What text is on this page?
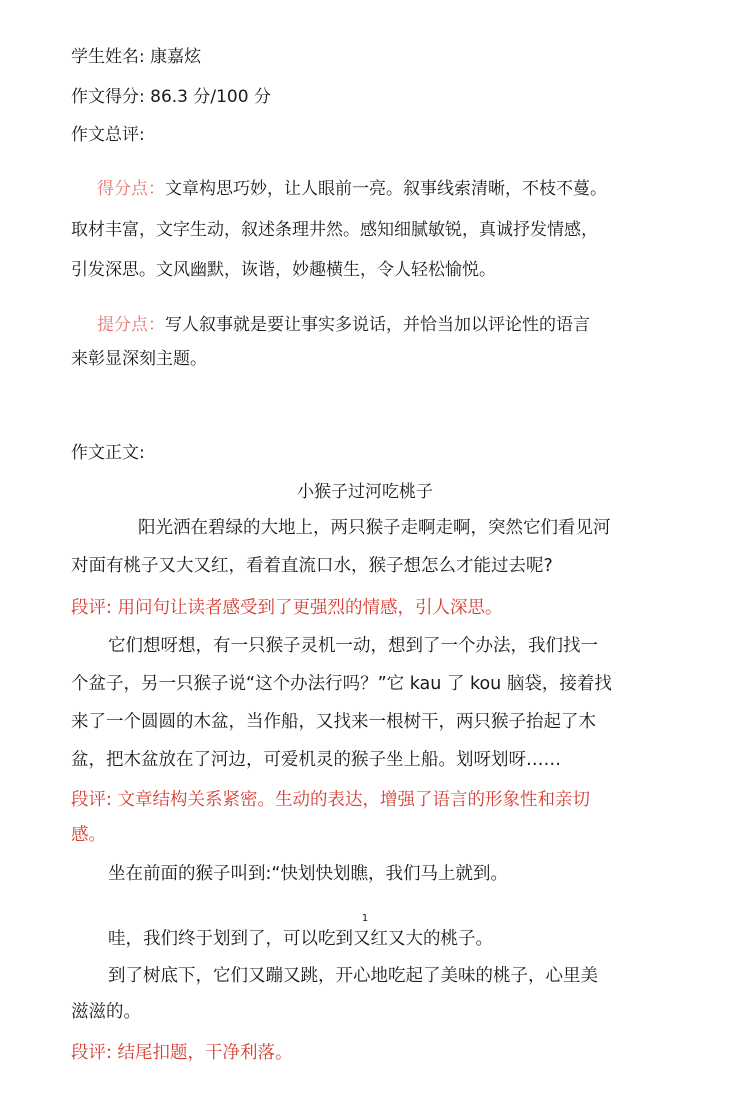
学生姓名: 康嘉炫
作文得分: 86.3 分/100 分
作文总评:
得分点：文章构思巧妙，让人眼前一亮。叙事线索清晰，不枝不蔓。
取材丰富，文字生动，叙述条理井然。感知细腻敏锐，真诚抒发情感，
引发深思。文风幽默，诙谐，妙趣横生，令人轻松愉悦。
提分点：写人叙事就是要让事实多说话，并恰当加以评论性的语言
来彰显深刻主题。
作文正文:
小猴子过河吃桃子
阳光洒在碧绿的大地上，两只猴子走啊走啊，突然它们看见河
对面有桃子又大又红，看着直流口水，猴子想怎么才能过去呢?
段评: 用问句让读者感受到了更强烈的情感，引人深思。
它们想呀想，有一只猴子灵机一动，想到了一个办法，我们找一
个盆子，另一只猴子说“这个办法行吗？”它 kau 了 kou 脑袋，接着找
来了一个圆圆的木盆，当作船，又找来一根树干，两只猴子抬起了木
盆，把木盆放在了河边，可爱机灵的猴子坐上船。划呀划呀……
段评: 文章结构关系紧密。生动的表达，增强了语言的形象性和亲切
感。
坐在前面的猴子叫到:“快划快划瞧，我们马上就到。
1
哇，我们终于划到了，可以吃到又红又大的桃子。
到了树底下，它们又蹦又跳，开心地吃起了美味的桃子，心里美
滋滋的。
段评: 结尾扣题，干净利落。
